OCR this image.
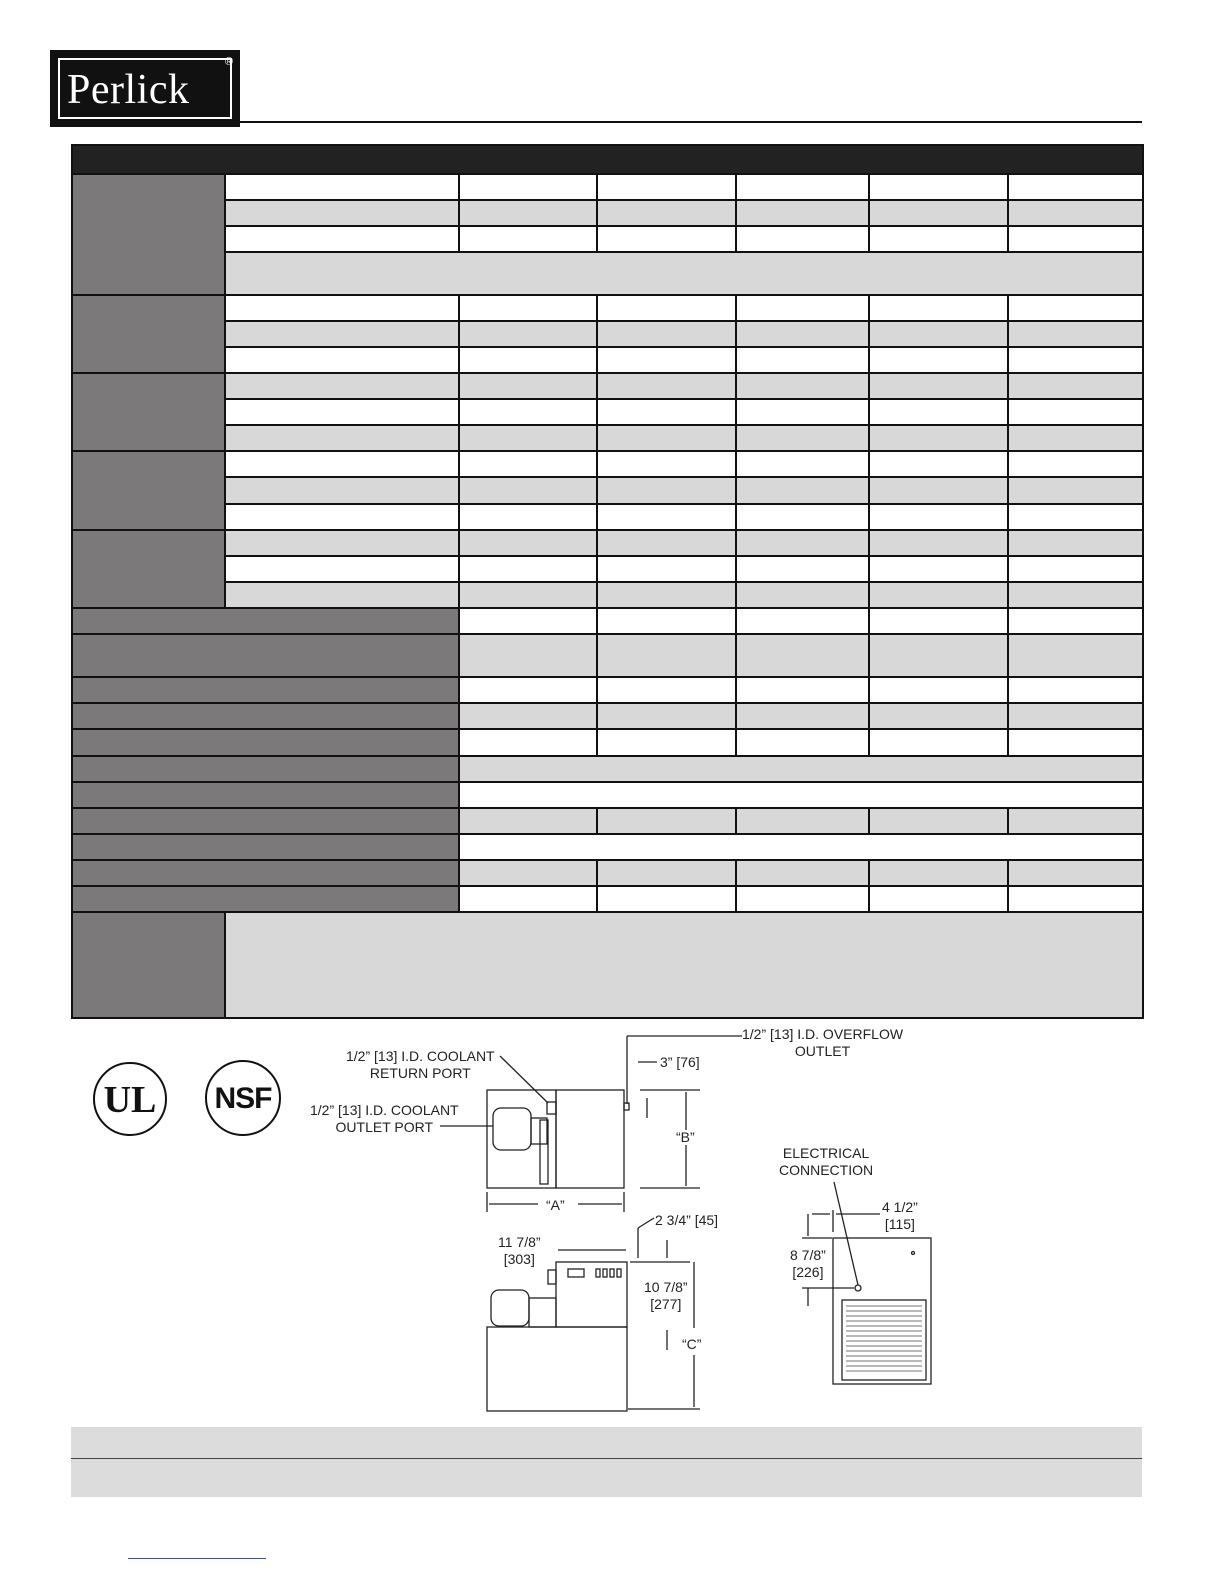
Perlick
®

UL NSF
1/2” [13] I.D. COOLANT
RETURN PORT
1/2” [13] I.D. COOLANT
OUTLET PORT
1/2” [13] I.D. OVERFLOW
OUTLET
3” [76]
“B”
“A”
11 7/8”
[303]
2 3/4” [45]
10 7/8”
[277]
“C”
ELECTRICAL
CONNECTION
4 1/2”
[115]
8 7/8”
[226]
